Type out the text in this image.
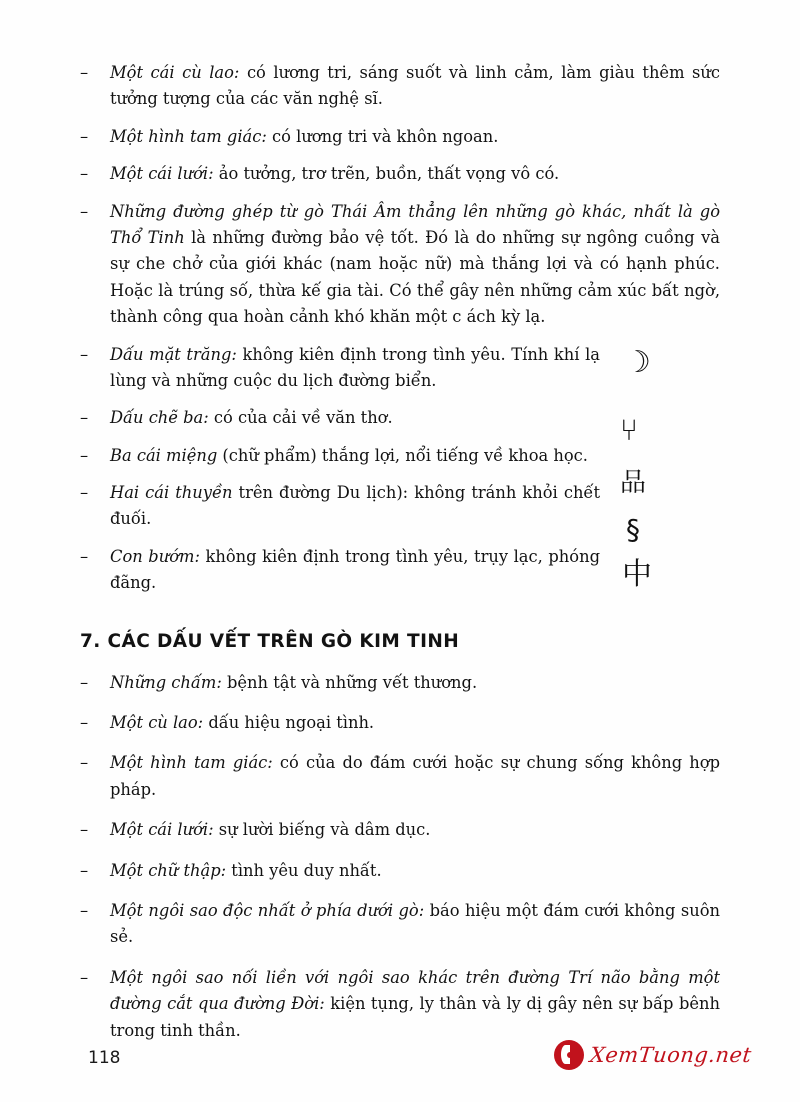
– Một cái cù lao: có lương tri, sáng suốt và linh cảm, làm giàu thêm sức tưởng tượng của các văn nghệ sĩ.
– Một hình tam giác: có lương tri và khôn ngoan.
– Một cái lưới: ảo tưởng, trơ trẽn, buồn, thất vọng vô có.
– Những đường ghép từ gò Thái Âm thẳng lên những gò khác, nhất là gò Thổ Tinh là những đường bảo vệ tốt. Đó là do những sự ngông cuồng và sự che chở của giới khác (nam hoặc nữ) mà thắng lợi và có hạnh phúc. Hoặc là trúng số, thừa kế gia tài. Có thể gây nên những cảm xúc bất ngờ, thành công qua hoàn cảnh khó khăn một c ách kỳ lạ.
– Dấu mặt trăng: không kiên định trong tình yêu. Tính khí lạ lùng và những cuộc du lịch đường biển.
– Dấu chẽ ba: có của cải về văn thơ.
– Ba cái miệng (chữ phẩm) thắng lợi, nổi tiếng về khoa học.
– Hai cái thuyền trên đường Du lịch): không tránh khỏi chết đuối.
– Con bướm: không kiên định trong tình yêu, trụy lạc, phóng đãng.
7. CÁC DẤU VẾT TRÊN GÒ KIM TINH
– Những chấm: bệnh tật và những vết thương.
– Một cù lao: dấu hiệu ngoại tình.
– Một hình tam giác: có của do đám cưới hoặc sự chung sống không hợp pháp.
– Một cái lưới: sự lười biếng và dâm dục.
– Một chữ thập: tình yêu duy nhất.
– Một ngôi sao độc nhất ở phía dưới gò: báo hiệu một đám cưới không suôn sẻ.
– Một ngôi sao nối liền với ngôi sao khác trên đường Trí não bằng một đường cắt qua đường Đời: kiện tụng, ly thân và ly dị gây nên sự bấp bênh trong tinh thần.
☽
⑂
品
§
中
118	XemTuong.net
